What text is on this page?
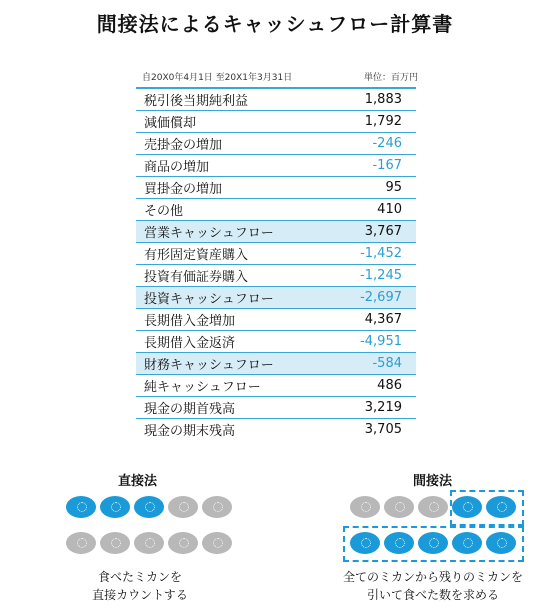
間接法によるキャッシュフロー計算書
自20X0年4月1日 至20X1年3月31日	単位：百万円
税引後当期純利益	1,883
減価償却	1,792
売掛金の増加	-246
商品の増加	-167
買掛金の増加	95
その他	410
営業キャッシュフロー	3,767
有形固定資産購入	-1,452
投資有価証券購入	-1,245
投資キャッシュフロー	-2,697
長期借入金増加	4,367
長期借入金返済	-4,951
財務キャッシュフロー	-584
純キャッシュフロー	486
現金の期首残高	3,219
現金の期末残高	3,705
直接法	間接法
食べたミカンを
直接カウントする
全てのミカンから残りのミカンを
引いて食べた数を求める
